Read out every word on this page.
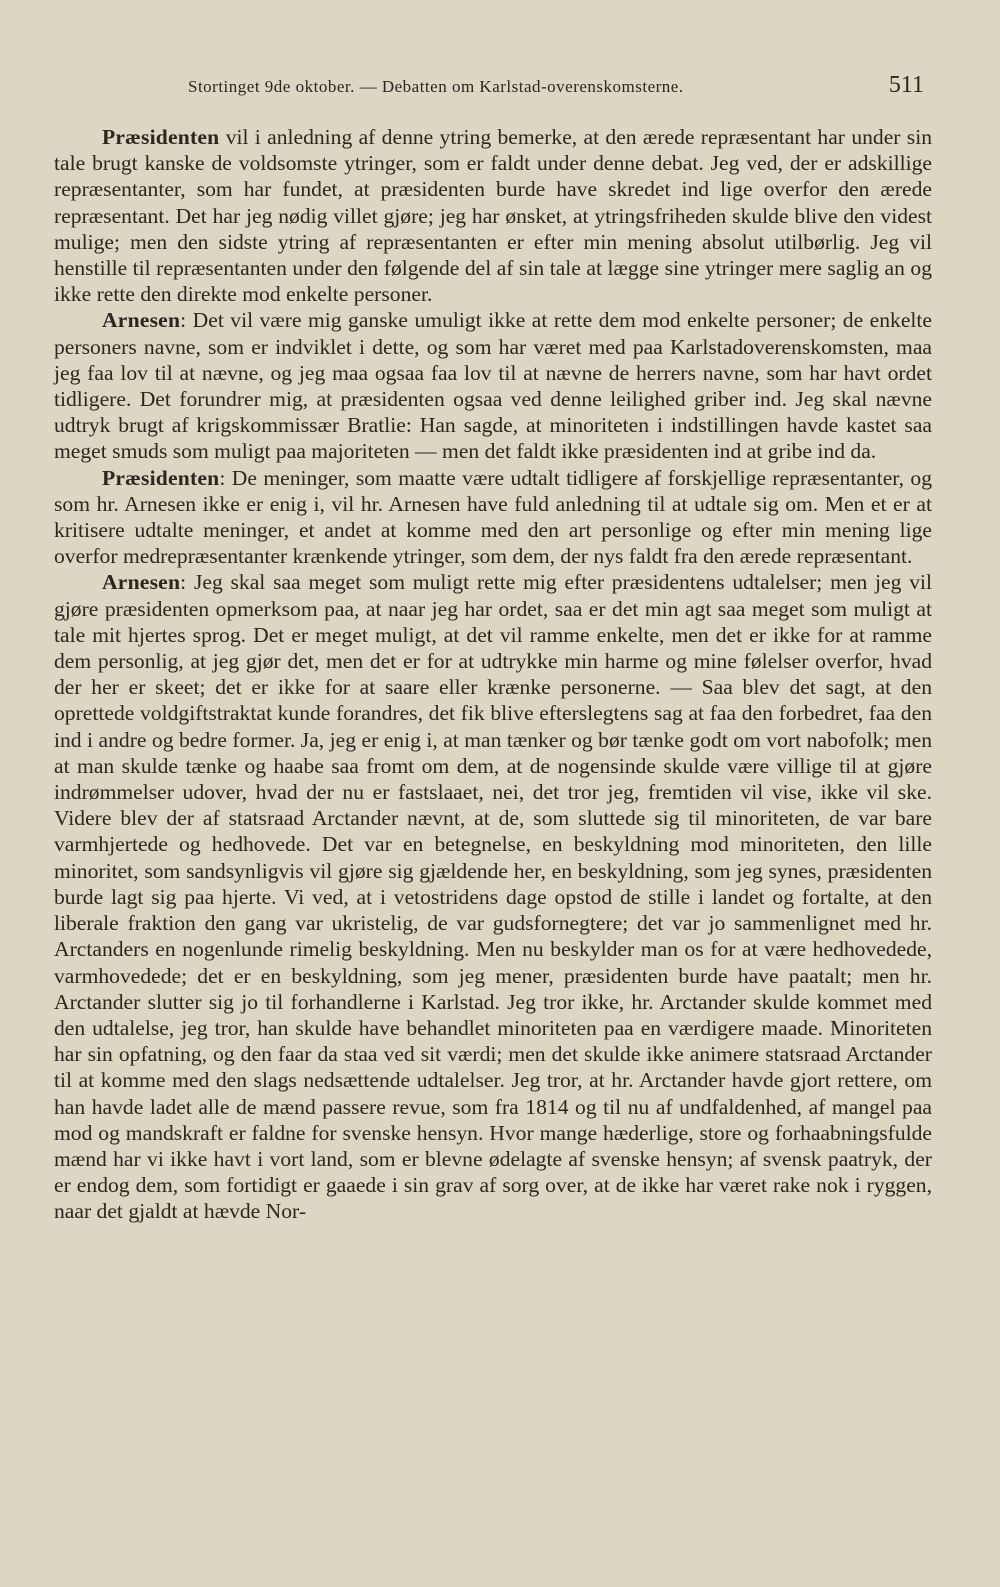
Stortinget 9de oktober. — Debatten om Karlstad-overenskomsterne.	511

Præsidenten vil i anledning af denne ytring bemerke, at den ærede repræsentant har under sin tale brugt kanske de voldsomste ytringer, som er faldt under denne debat. Jeg ved, der er adskillige repræsentanter, som har fundet, at præsidenten burde have skredet ind lige overfor den ærede repræsentant. Det har jeg nødig villet gjøre; jeg har ønsket, at ytringsfriheden skulde blive den videst mulige; men den sidste ytring af repræsentanten er efter min mening absolut utilbørlig. Jeg vil henstille til repræsentanten under den følgende del af sin tale at lægge sine ytringer mere saglig an og ikke rette den direkte mod enkelte personer.

Arnesen: Det vil være mig ganske umuligt ikke at rette dem mod enkelte personer; de enkelte personers navne, som er indviklet i dette, og som har været med paa Karlstadoverenskomsten, maa jeg faa lov til at nævne, og jeg maa ogsaa faa lov til at nævne de herrers navne, som har havt ordet tidligere. Det forundrer mig, at præsidenten ogsaa ved denne leilighed griber ind. Jeg skal nævne udtryk brugt af krigskommissær Bratlie: Han sagde, at minoriteten i indstillingen havde kastet saa meget smuds som muligt paa majoriteten — men det faldt ikke præsidenten ind at gribe ind da.

Præsidenten: De meninger, som maatte være udtalt tidligere af forskjellige repræsentanter, og som hr. Arnesen ikke er enig i, vil hr. Arnesen have fuld anledning til at udtale sig om. Men et er at kritisere udtalte meninger, et andet at komme med den art personlige og efter min mening lige overfor medrepræsentanter krænkende ytringer, som dem, der nys faldt fra den ærede repræsentant.

Arnesen: Jeg skal saa meget som muligt rette mig efter præsidentens udtalelser; men jeg vil gjøre præsidenten opmerksom paa, at naar jeg har ordet, saa er det min agt saa meget som muligt at tale mit hjertes sprog. Det er meget muligt, at det vil ramme enkelte, men det er ikke for at ramme dem personlig, at jeg gjør det, men det er for at udtrykke min harme og mine følelser overfor, hvad der her er skeet; det er ikke for at saare eller krænke personerne. — Saa blev det sagt, at den oprettede voldgiftstraktat kunde forandres, det fik blive efterslegtens sag at faa den forbedret, faa den ind i andre og bedre former. Ja, jeg er enig i, at man tænker og bør tænke godt om vort nabofolk; men at man skulde tænke og haabe saa fromt om dem, at de nogensinde skulde være villige til at gjøre indrømmelser udover, hvad der nu er fastslaaet, nei, det tror jeg, fremtiden vil vise, ikke vil ske. Videre blev der af statsraad Arctander nævnt, at de, som sluttede sig til minoriteten, de var bare varmhjertede og hedhovede. Det var en betegnelse, en beskyldning mod minoriteten, den lille minoritet, som sandsynligvis vil gjøre sig gjældende her, en beskyldning, som jeg synes, præsidenten burde lagt sig paa hjerte. Vi ved, at i vetostridens dage opstod de stille i landet og fortalte, at den liberale fraktion den gang var ukristelig, de var gudsfornegtere; det var jo sammenlignet med hr. Arctanders en nogenlunde rimelig beskyldning. Men nu beskylder man os for at være hedhovedede, varmhovedede; det er en beskyldning, som jeg mener, præsidenten burde have paatalt; men hr. Arctander slutter sig jo til forhandlerne i Karlstad. Jeg tror ikke, hr. Arctander skulde kommet med den udtalelse, jeg tror, han skulde have behandlet minoriteten paa en værdigere maade. Minoriteten har sin opfatning, og den faar da staa ved sit værdi; men det skulde ikke animere statsraad Arctander til at komme med den slags nedsættende udtalelser. Jeg tror, at hr. Arctander havde gjort rettere, om han havde ladet alle de mænd passere revue, som fra 1814 og til nu af undfaldenhed, af mangel paa mod og mandskraft er faldne for svenske hensyn. Hvor mange hæderlige, store og forhaabningsfulde mænd har vi ikke havt i vort land, som er blevne ødelagte af svenske hensyn; af svensk paatryk, der er endog dem, som fortidigt er gaaede i sin grav af sorg over, at de ikke har været rake nok i ryggen, naar det gjaldt at hævde Nor-
